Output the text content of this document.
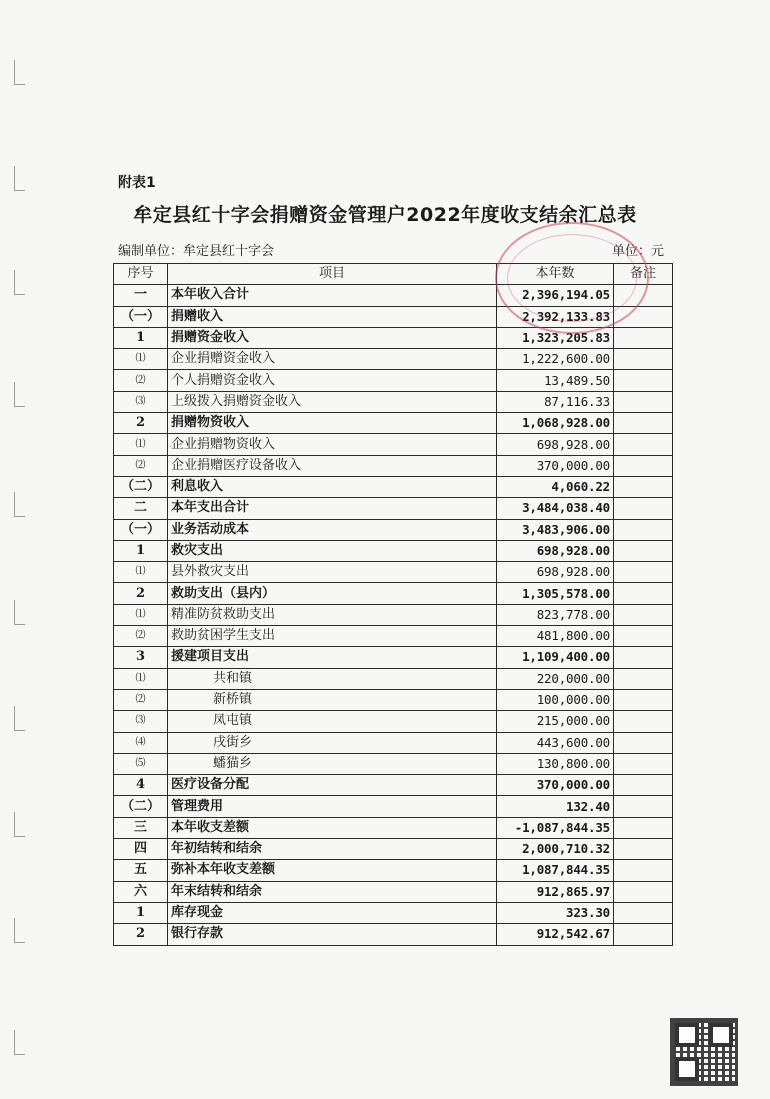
附表1
牟定县红十字会捐赠资金管理户2022年度收支结余汇总表
编制单位：牟定县红十字会	单位：元
序号	项目	本年数	备注
一	本年收入合计	2,396,194.05	
（一）	捐赠收入	2,392,133.83	
1	捐赠资金收入	1,323,205.83	
⑴	企业捐赠资金收入	1,222,600.00	
⑵	个人捐赠资金收入	13,489.50	
⑶	上级拨入捐赠资金收入	87,116.33	
2	捐赠物资收入	1,068,928.00	
⑴	企业捐赠物资收入	698,928.00	
⑵	企业捐赠医疗设备收入	370,000.00	
（二）	利息收入	4,060.22	
二	本年支出合计	3,484,038.40	
（一）	业务活动成本	3,483,906.00	
1	救灾支出	698,928.00	
⑴	县外救灾支出	698,928.00	
2	救助支出（县内）	1,305,578.00	
⑴	精准防贫救助支出	823,778.00	
⑵	救助贫困学生支出	481,800.00	
3	援建项目支出	1,109,400.00	
⑴	共和镇	220,000.00	
⑵	新桥镇	100,000.00	
⑶	凤屯镇	215,000.00	
⑷	戌街乡	443,600.00	
⑸	蟠猫乡	130,800.00	
4	医疗设备分配	370,000.00	
（二）	管理费用	132.40	
三	本年收支差额	-1,087,844.35	
四	年初结转和结余	2,000,710.32	
五	弥补本年收支差额	1,087,844.35	
六	年末结转和结余	912,865.97	
1	库存现金	323.30	
2	银行存款	912,542.67	
